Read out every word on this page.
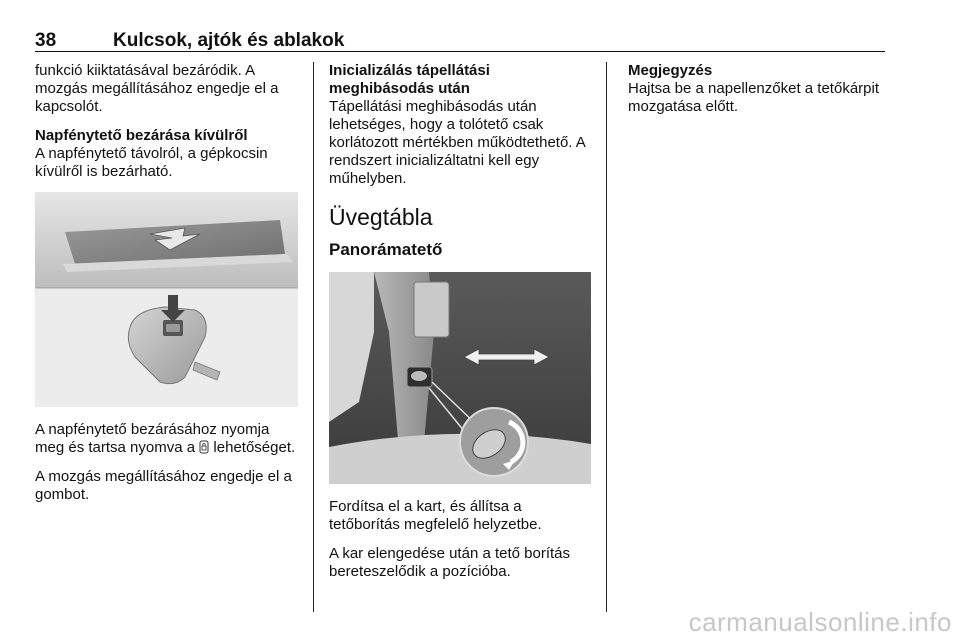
38	Kulcsok, ajtók és ablakok

funkció kiiktatásával bezáródik. A mozgás megállításához engedje el a kapcsolót.

Napfénytető bezárása kívülről

A napfénytető távolról, a gépkocsin kívülről is bezárható.

A napfénytető bezárásához nyomja meg és tartsa nyomva a lehetőséget.

A mozgás megállításához engedje el a gombot.

Inicializálás tápellátási meghibásodás után

Tápellátási meghibásodás után lehetséges, hogy a tolótető csak korlátozott mértékben működtethető. A rendszert inicializáltatni kell egy műhelyben.

Üvegtábla
Panorámatető

Fordítsa el a kart, és állítsa a tetőborítás megfelelő helyzetbe.

A kar elengedése után a tető borítás bereteszelődik a pozícióba.

Megjegyzés

Hajtsa be a napellenzőket a tetőkárpit mozgatása előtt.

carmanualsonline.info
